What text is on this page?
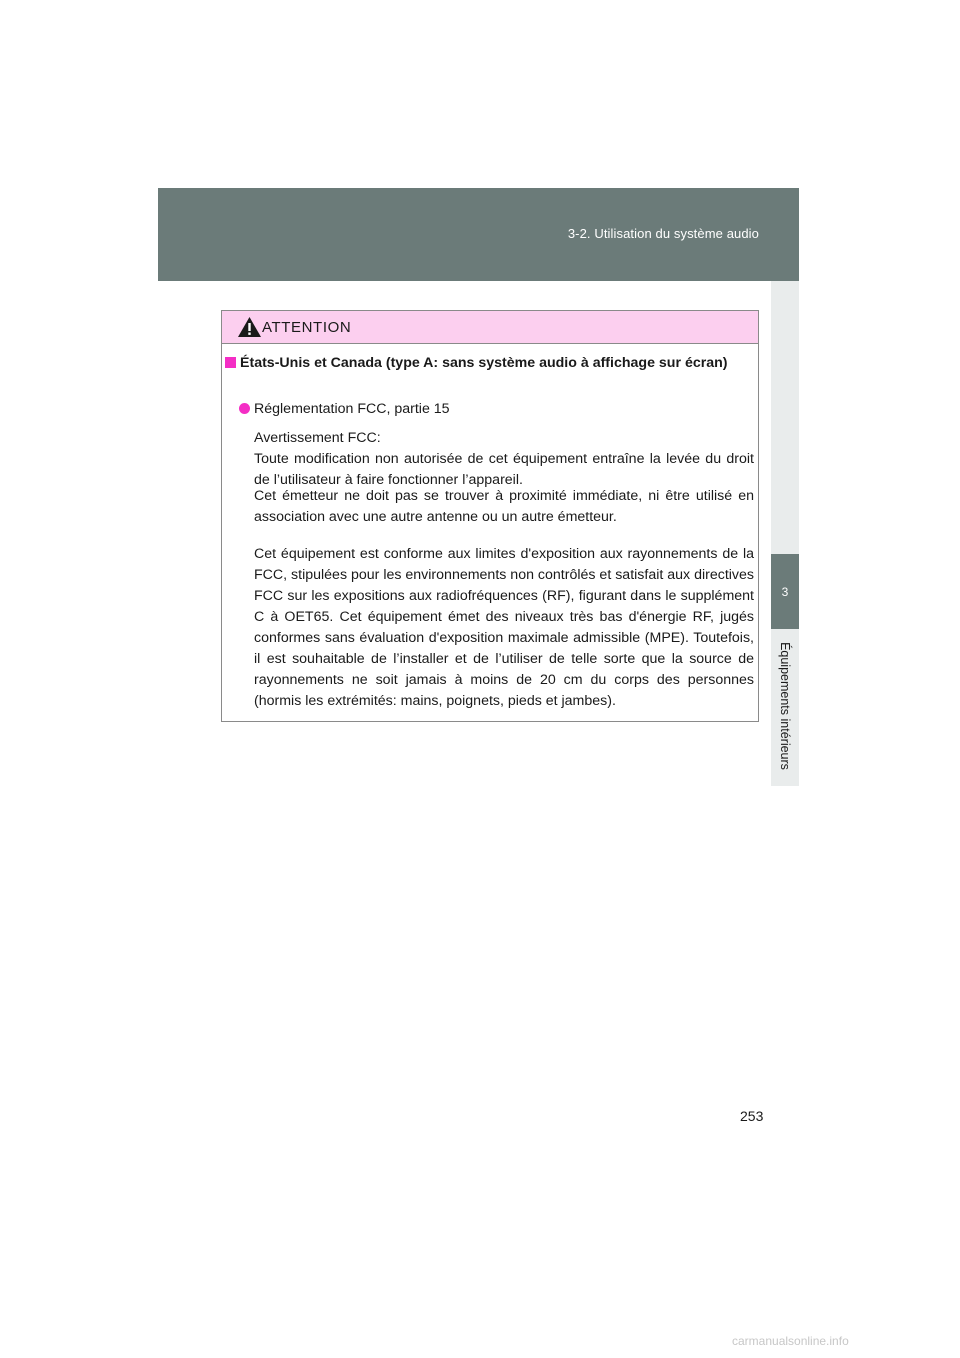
3-2. Utilisation du système audio
3
Équipements intérieurs
ATTENTION
États-Unis et Canada (type A: sans système audio à affichage sur écran)
Réglementation FCC, partie 15
Avertissement FCC:
Toute modification non autorisée de cet équipement entraîne la levée du droit de l’utilisateur à faire fonctionner l’appareil.
Cet émetteur ne doit pas se trouver à proximité immédiate, ni être utilisé en association avec une autre antenne ou un autre émetteur.
Cet équipement est conforme aux limites d'exposition aux rayonnements de la FCC, stipulées pour les environnements non contrôlés et satisfait aux directives FCC sur les expositions aux radiofréquences (RF), figurant dans le supplément C à OET65. Cet équipement émet des niveaux très bas d'énergie RF, jugés conformes sans évaluation d'exposition maximale admissible (MPE). Toutefois, il est souhaitable de l’installer et de l’utiliser de telle sorte que la source de rayonnements ne soit jamais à moins de 20 cm du corps des personnes (hormis les extrémités: mains, poignets, pieds et jambes).
253
carmanualsonline.info
